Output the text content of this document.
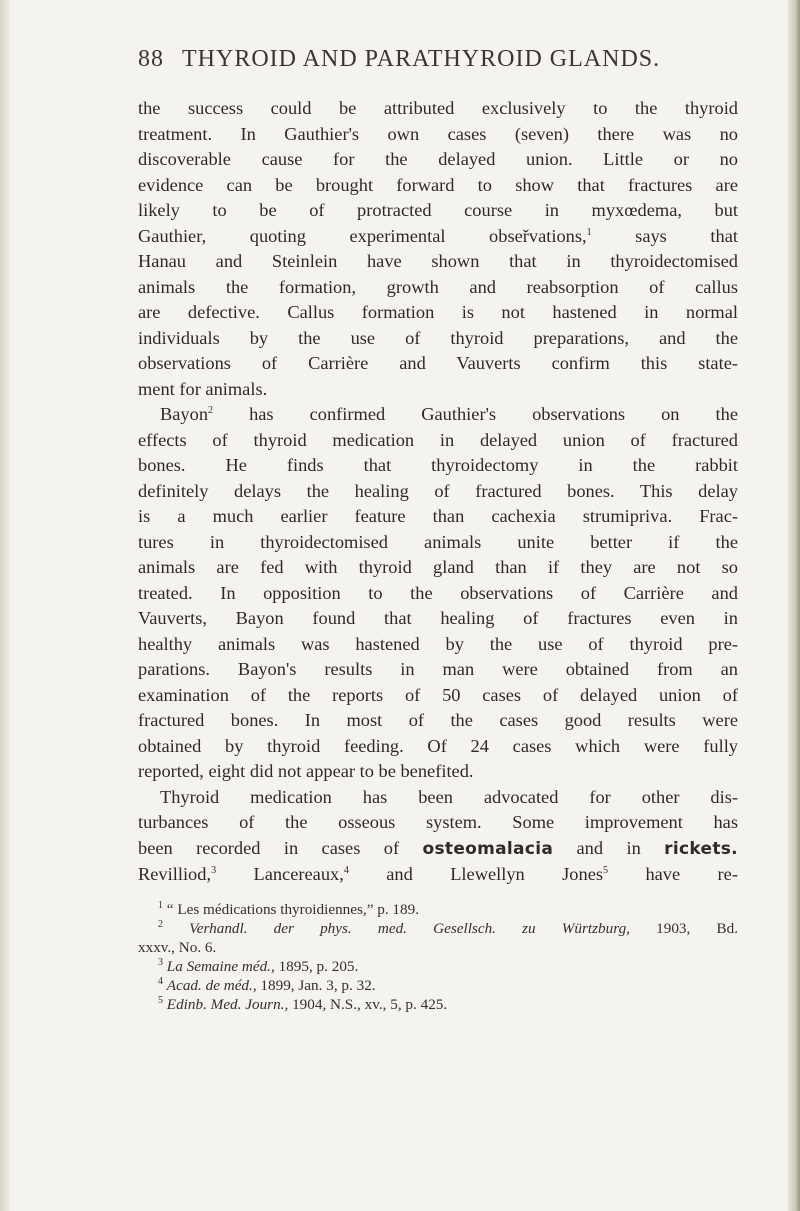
88 THYROID AND PARATHYROID GLANDS.
the success could be attributed exclusively to the thyroid
treatment. In Gauthier's own cases (seven) there was no
discoverable cause for the delayed union. Little or no
evidence can be brought forward to show that fractures are
likely to be of protracted course in myxœdema, but
Gauthier, quoting experimental obseřvations,$^1$ says that
Hanau and Steinlein have shown that in thyroidectomised
animals the formation, growth and reabsorption of callus
are defective. Callus formation is not hastened in normal
individuals by the use of thyroid preparations, and the
observations of Carrière and Vauverts confirm this state-
ment for animals.
Bayon$^2$ has confirmed Gauthier's observations on the
effects of thyroid medication in delayed union of fractured
bones. He finds that thyroidectomy in the rabbit
definitely delays the healing of fractured bones. This delay
is a much earlier feature than cachexia strumipriva. Frac-
tures in thyroidectomised animals unite better if the
animals are fed with thyroid gland than if they are not so
treated. In opposition to the observations of Carrière and
Vauverts, Bayon found that healing of fractures even in
healthy animals was hastened by the use of thyroid pre-
parations. Bayon's results in man were obtained from an
examination of the reports of 50 cases of delayed union of
fractured bones. In most of the cases good results were
obtained by thyroid feeding. Of 24 cases which were fully
reported, eight did not appear to be benefited.
Thyroid medication has been advocated for other dis-
turbances of the osseous system. Some improvement has
been recorded in cases of osteomalacia and in rickets.
Revilliod,$^3$ Lancereaux,$^4$ and Llewellyn Jones$^5$ have re-
$^1$ “ Les médications thyroidiennes,” p. 189.
$^2$ Verhandl. der phys. med. Gesellsch. zu Würtzburg, 1903, Bd.
xxxv., No. 6.
$^3$ La Semaine méd., 1895, p. 205.
$^4$ Acad. de méd., 1899, Jan. 3, p. 32.
$^5$ Edinb. Med. Journ., 1904, N.S., xv., 5, p. 425.
